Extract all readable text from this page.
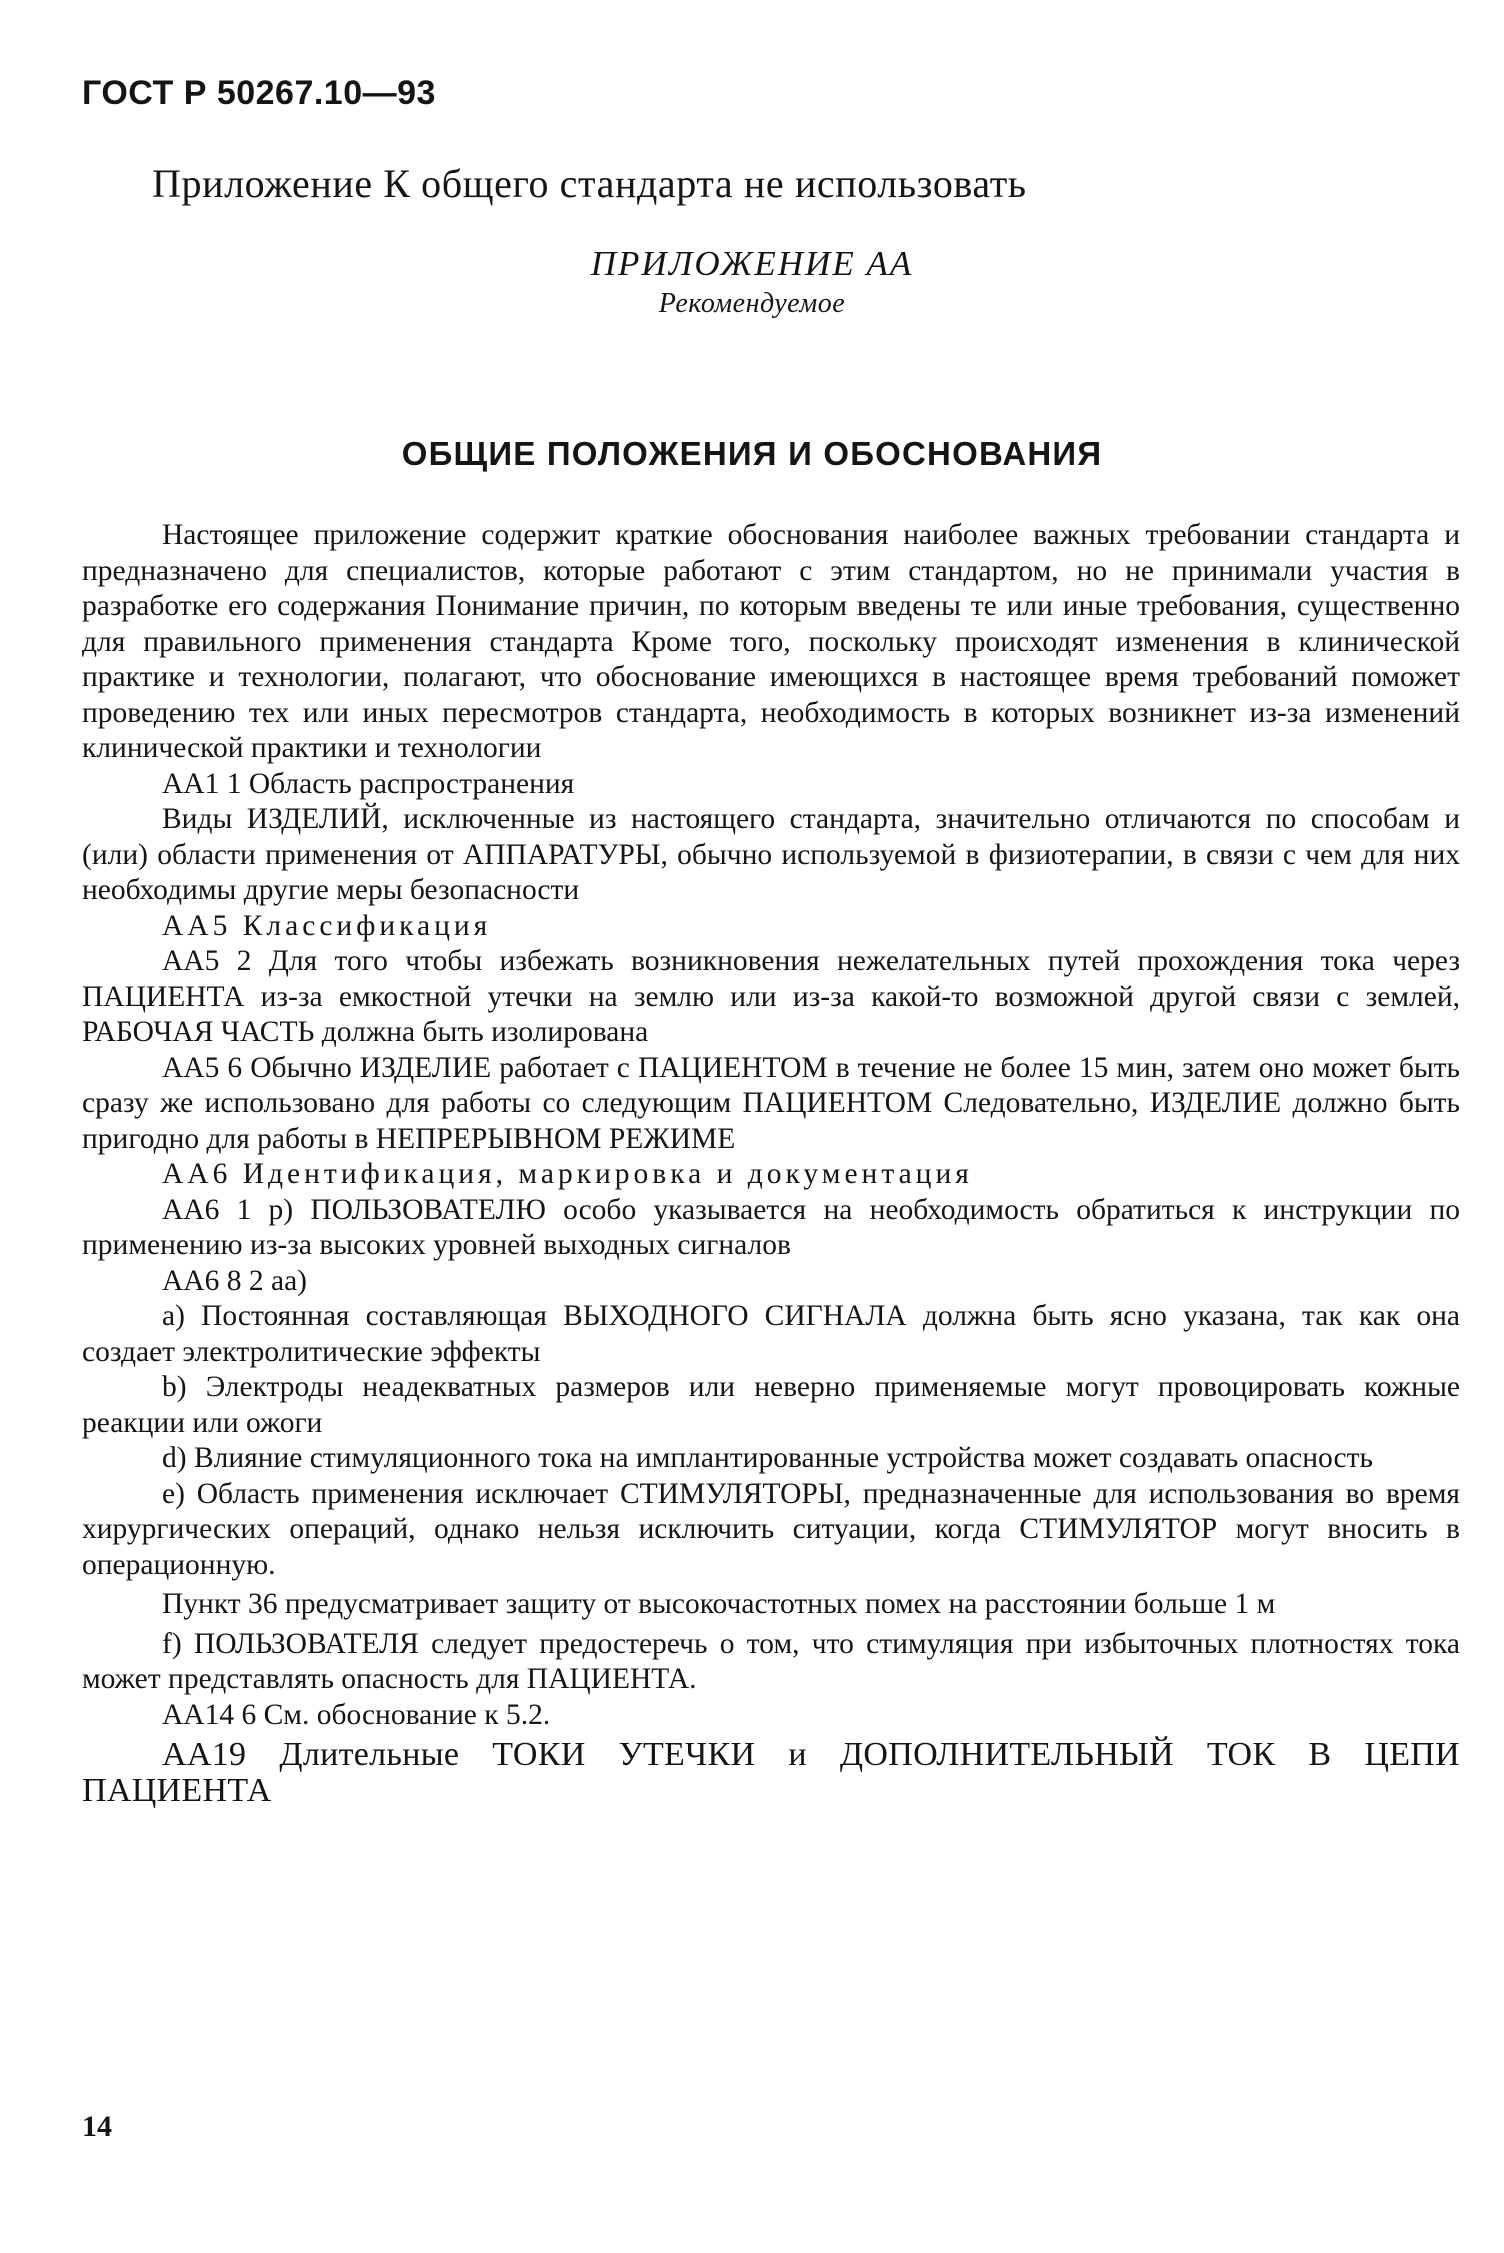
ГОСТ Р 50267.10—93
Приложение К общего стандарта не использовать
ПРИЛОЖЕНИЕ АА
Рекомендуемое
ОБЩИЕ ПОЛОЖЕНИЯ И ОБОСНОВАНИЯ

Настоящее приложение содержит краткие обоснования наиболее важных требовании стандарта и предназначено для специалистов, которые работают с этим стандартом, но не принимали участия в разработке его содержания Понимание причин, по которым введены те или иные требования, существенно для правильного применения стандарта Кроме того, поскольку происходят изменения в клинической практике и технологии, полагают, что обоснование имеющихся в настоящее время требований поможет проведению тех или иных пересмотров стандарта, необходимость в которых возникнет из-за изменений клинической практики и технологии

АА1 1 Область распространения

Виды ИЗДЕЛИЙ, исключенные из настоящего стандарта, значительно отличаются по способам и (или) области применения от АППАРАТУРЫ, обычно используемой в физиотерапии, в связи с чем для них необходимы другие меры безопасности

АА5 Классификация

АА5 2 Для того чтобы избежать возникновения нежелательных путей прохождения тока через ПАЦИЕНТА из-за емкостной утечки на землю или из-за какой-то возможной другой связи с землей, РАБОЧАЯ ЧАСТЬ должна быть изолирована

АА5 6 Обычно ИЗДЕЛИЕ работает с ПАЦИЕНТОМ в течение не более 15 мин, затем оно может быть сразу же использовано для работы со следующим ПАЦИЕНТОМ Следовательно, ИЗДЕЛИЕ должно быть пригодно для работы в НЕПРЕРЫВНОМ РЕЖИМЕ

АА6 Идентификация, маркировка и документация

АА6 1 р) ПОЛЬЗОВАТЕЛЮ особо указывается на необходимость обратиться к инструкции по применению из-за высоких уровней выходных сигналов

АА6 8 2 аа)

а) Постоянная составляющая ВЫХОДНОГО СИГНАЛА должна быть ясно указана, так как она создает электролитические эффекты

b) Электроды неадекватных размеров или неверно применяемые могут провоцировать кожные реакции или ожоги

d) Влияние стимуляционного тока на имплантированные устройства может создавать опасность

е) Область применения исключает СТИМУЛЯТОРЫ, предназначенные для использования во время хирургических операций, однако нельзя исключить ситуации, когда СТИМУЛЯТОР могут вносить в операционную.

Пункт 36 предусматривает защиту от высокочастотных помех на расстоянии больше 1 м

f) ПОЛЬЗОВАТЕЛЯ следует предостеречь о том, что стимуляция при избыточных плотностях тока может представлять опасность для ПАЦИЕНТА.

АА14 6 См. обоснование к 5.2.

АА19 Длительные ТОКИ УТЕЧКИ и ДОПОЛНИТЕЛЬНЫЙ ТОК В ЦЕПИ ПАЦИЕНТА

14
